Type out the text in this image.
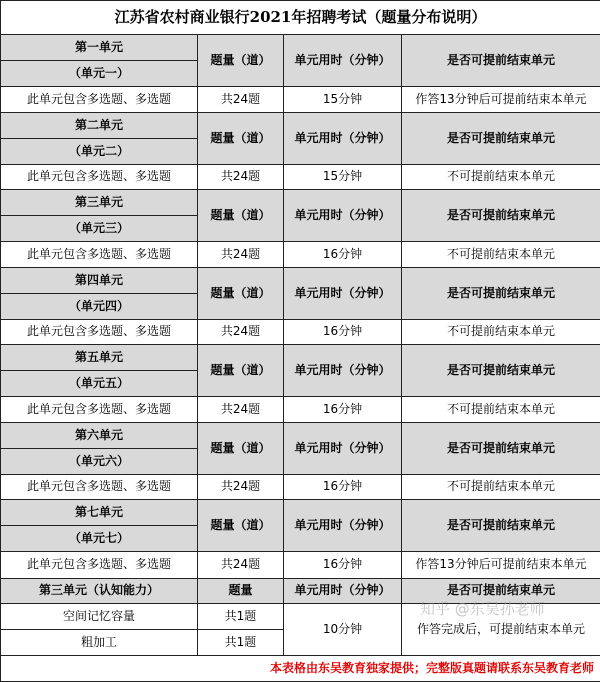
江苏省农村商业银行2021年招聘考试（题量分布说明）			
第一单元	题量（道）	单元用时（分钟）	是否可提前结束单元
（单元一）			
此单元包含多选题、多选题	共24题	15分钟	作答13分钟后可提前结束本单元
第二单元	题量（道）	单元用时（分钟）	是否可提前结束单元
（单元二）			
此单元包含多选题、多选题	共24题	15分钟	不可提前结束本单元
第三单元	题量（道）	单元用时（分钟）	是否可提前结束单元
（单元三）			
此单元包含多选题、多选题	共24题	16分钟	不可提前结束本单元
第四单元	题量（道）	单元用时（分钟）	是否可提前结束单元
（单元四）			
此单元包含多选题、多选题	共24题	16分钟	不可提前结束本单元
第五单元	题量（道）	单元用时（分钟）	是否可提前结束单元
（单元五）			
此单元包含多选题、多选题	共24题	16分钟	不可提前结束本单元
第六单元	题量（道）	单元用时（分钟）	是否可提前结束单元
（单元六）			
此单元包含多选题、多选题	共24题	16分钟	不可提前结束本单元
第七单元	题量（道）	单元用时（分钟）	是否可提前结束单元
（单元七）			
此单元包含多选题、多选题	共24题	16分钟	作答13分钟后可提前结束本单元
第三单元（认知能力）	题量	单元用时（分钟）	是否可提前结束单元
空间记忆容量	共1题	10分钟	作答完成后，可提前结束本单元
粗加工	共1题		
本表格由东吴教育独家提供；完整版真题请联系东吴教育老师			
知乎 @东吴孙老师
